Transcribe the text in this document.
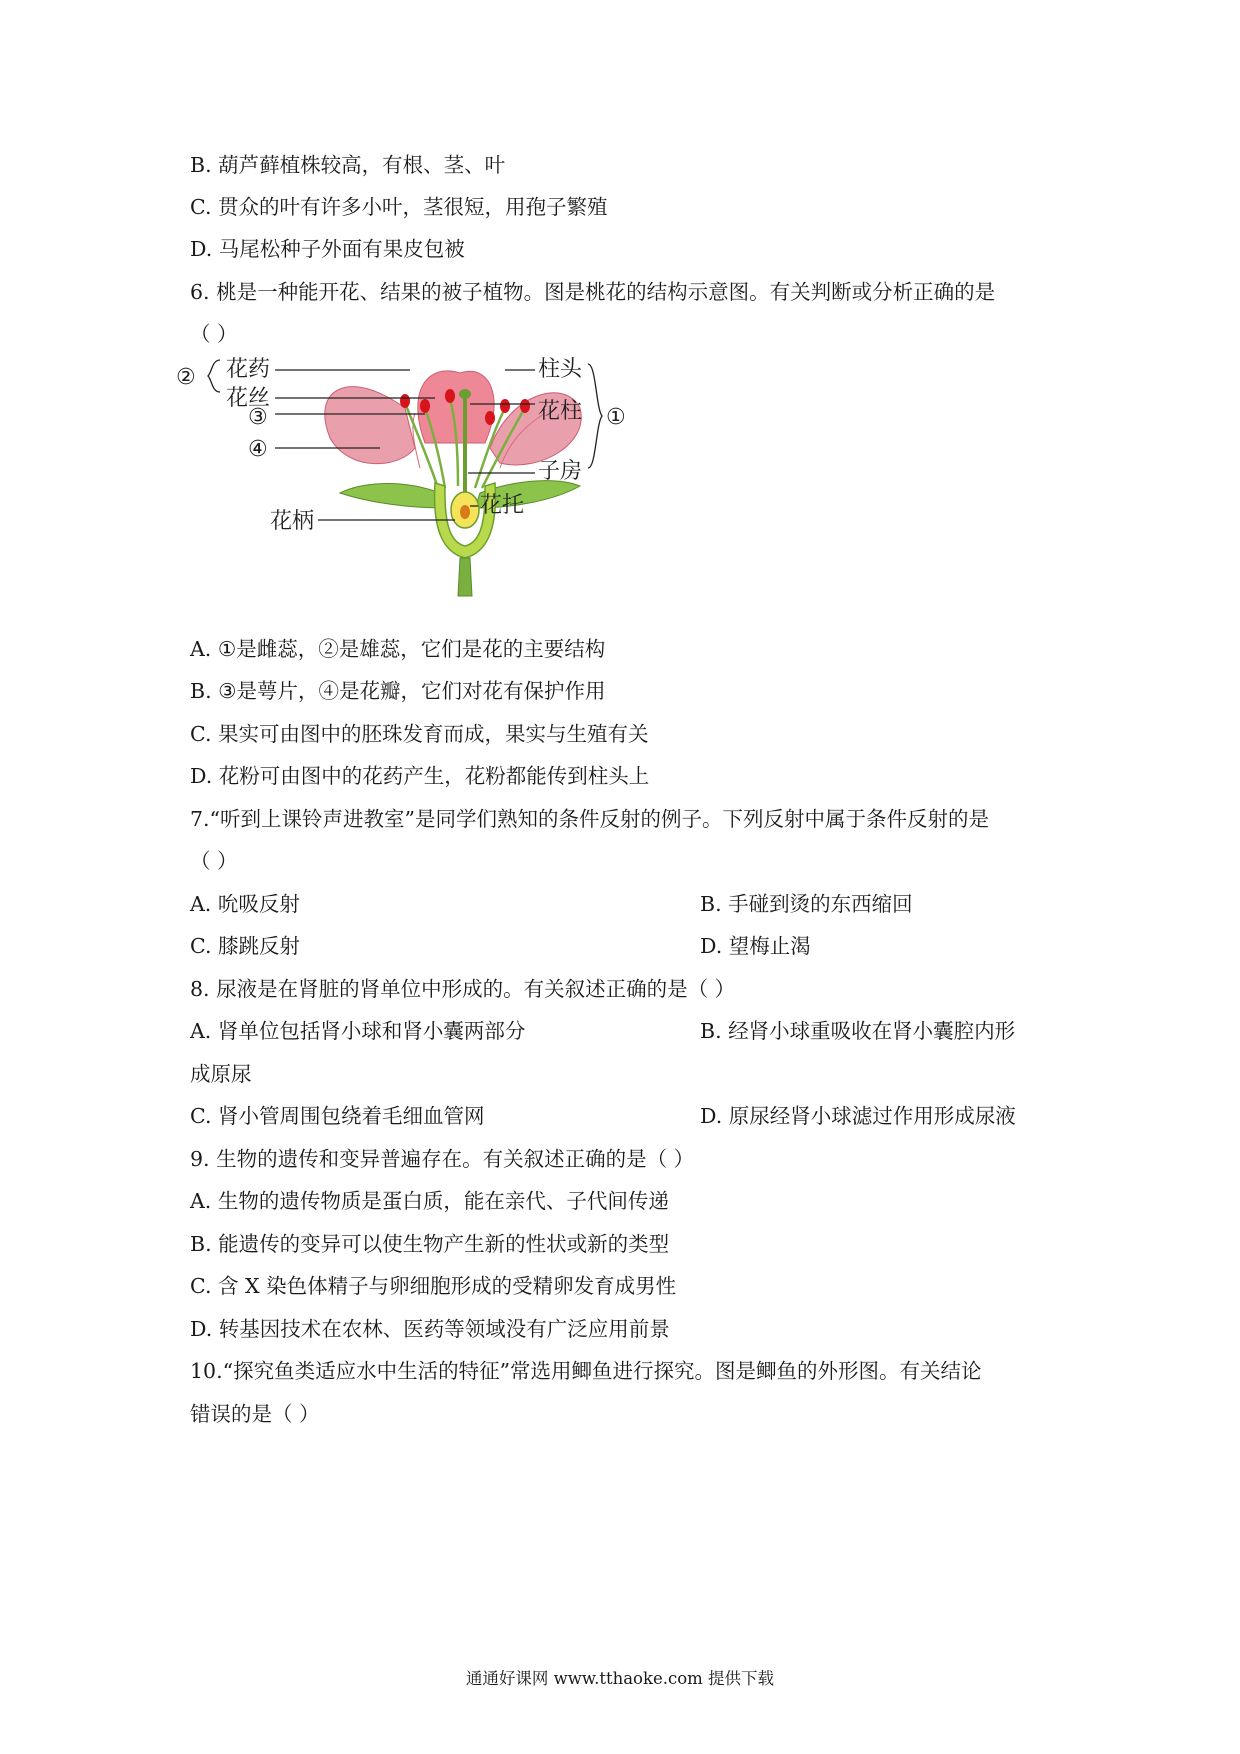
B. 葫芦藓植株较高，有根、茎、叶
C. 贯众的叶有许多小叶，茎很短，用孢子繁殖
D. 马尾松种子外面有果皮包被
6. 桃是一种能开花、结果的被子植物。图是桃花的结构示意图。有关判断或分析正确的是
（ ）
② 花药
花丝
③
④
柱头
花柱 ①
子房
花托
花柄
A. ①是雌蕊，②是雄蕊，它们是花的主要结构
B. ③是萼片，④是花瓣，它们对花有保护作用
C. 果实可由图中的胚珠发育而成，果实与生殖有关
D. 花粉可由图中的花药产生，花粉都能传到柱头上
7.“听到上课铃声进教室”是同学们熟知的条件反射的例子。下列反射中属于条件反射的是
（ ）
A. 吮吸反射	B. 手碰到烫的东西缩回
C. 膝跳反射	D. 望梅止渴
8. 尿液是在肾脏的肾单位中形成的。有关叙述正确的是（ ）
A. 肾单位包括肾小球和肾小囊两部分	B. 经肾小球重吸收在肾小囊腔内形
成原尿
C. 肾小管周围包绕着毛细血管网	D. 原尿经肾小球滤过作用形成尿液
9. 生物的遗传和变异普遍存在。有关叙述正确的是（ ）
A. 生物的遗传物质是蛋白质，能在亲代、子代间传递
B. 能遗传的变异可以使生物产生新的性状或新的类型
C. 含 X 染色体精子与卵细胞形成的受精卵发育成男性
D. 转基因技术在农林、医药等领域没有广泛应用前景
10.“探究鱼类适应水中生活的特征”常选用鲫鱼进行探究。图是鲫鱼的外形图。有关结论
错误的是（ ）
通通好课网 www.tthaoke.com 提供下载
